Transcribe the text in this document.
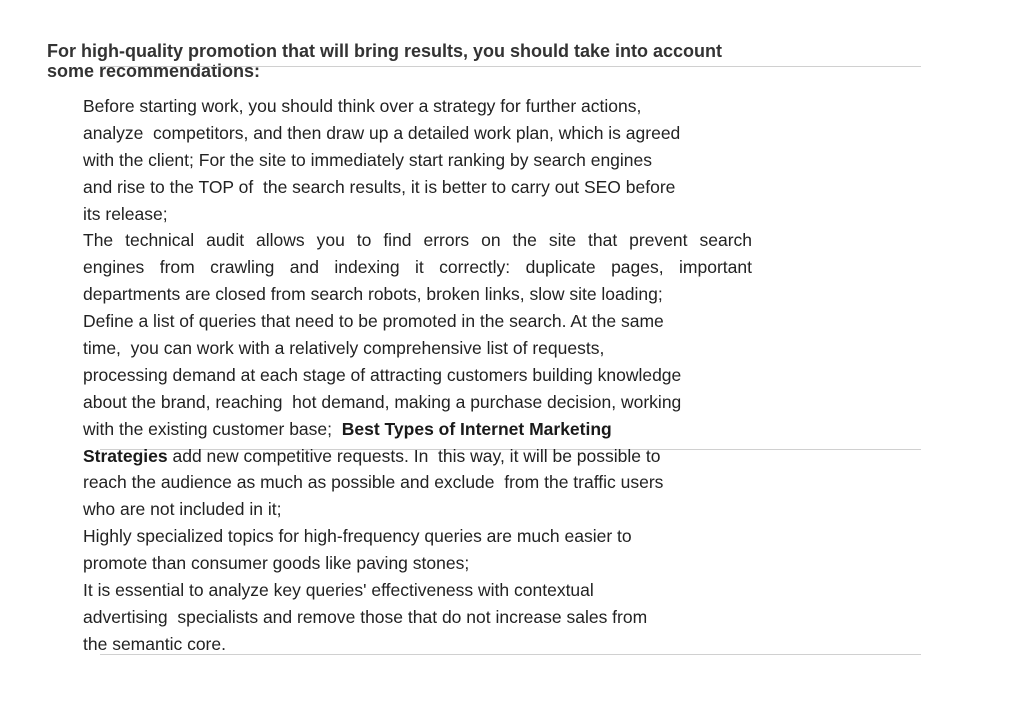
For high-quality promotion that will bring results, you should take into account some recommendations:
Before starting work, you should think over a strategy for further actions,
analyze  competitors, and then draw up a detailed work plan, which is agreed
with the client; For the site to immediately start ranking by search engines
and rise to the TOP of  the search results, it is better to carry out SEO before
its release;
The technical audit allows you to find errors on the site that prevent search
engines from crawling and indexing it correctly: duplicate pages, important
departments are closed from search robots, broken links, slow site loading;
Define a list of queries that need to be promoted in the search. At the same
time,  you can work with a relatively comprehensive list of requests,
processing demand at each stage of attracting customers building knowledge
about the brand, reaching  hot demand, making a purchase decision, working
with the existing customer base;  Best Types of Internet Marketing
Strategies add new competitive requests. In  this way, it will be possible to
reach the audience as much as possible and exclude  from the traffic users
who are not included in it;
Highly specialized topics for high-frequency queries are much easier to
promote than consumer goods like paving stones;
It is essential to analyze key queries' effectiveness with contextual
advertising  specialists and remove those that do not increase sales from
the semantic core.
